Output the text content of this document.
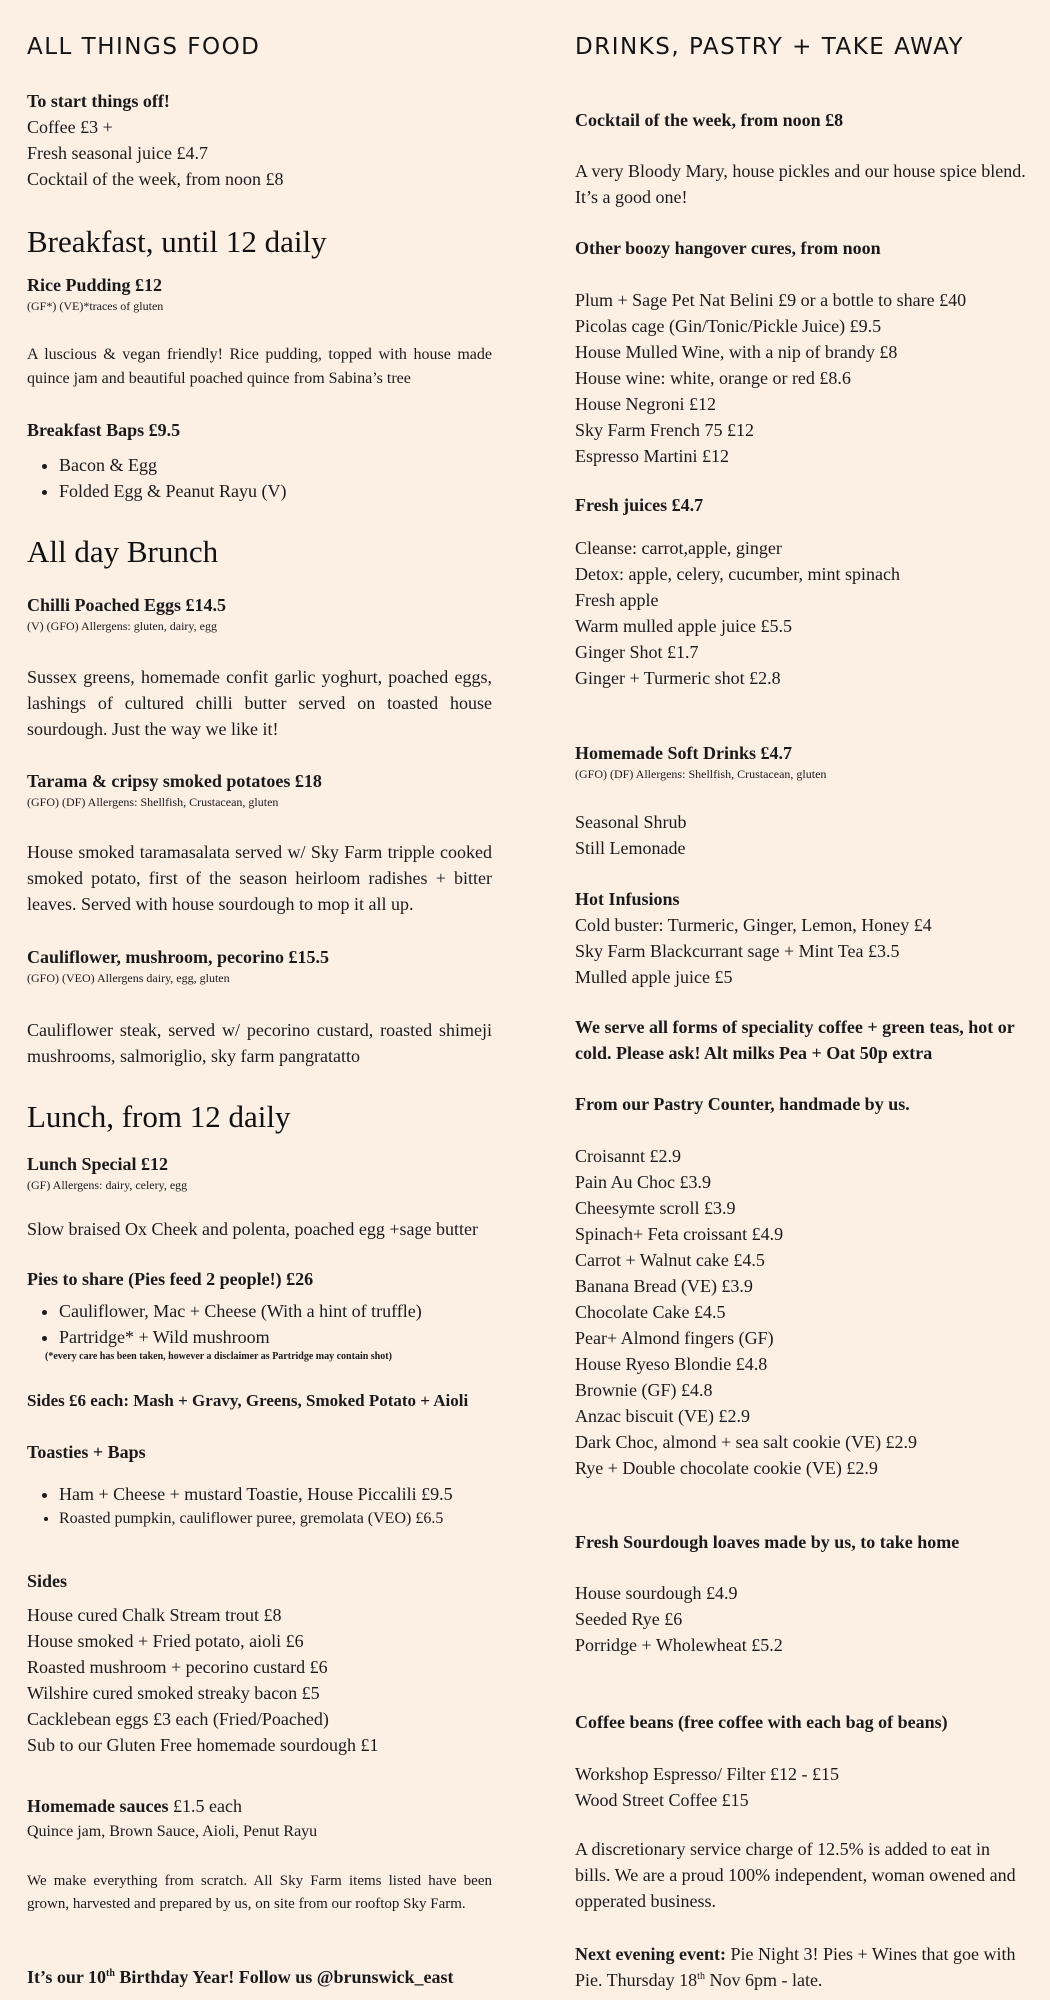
ALL THINGS FOOD
To start things off!
Coffee £3 +
Fresh seasonal juice £4.7
Cocktail of the week, from noon £8
Breakfast, until 12 daily
Rice Pudding £12
(GF*) (VE)*traces of gluten
A luscious & vegan friendly! Rice pudding, topped with house made quince jam and beautiful poached quince from Sabina’s tree
Breakfast Baps £9.5
• Bacon & Egg
• Folded Egg & Peanut Rayu (V)
All day Brunch
Chilli Poached Eggs £14.5
(V) (GFO) Allergens: gluten, dairy, egg
Sussex greens, homemade confit garlic yoghurt, poached eggs, lashings of cultured chilli butter served on toasted house sourdough. Just the way we like it!
Tarama & cripsy smoked potatoes £18
(GFO) (DF) Allergens: Shellfish, Crustacean, gluten
House smoked taramasalata served w/ Sky Farm tripple cooked smoked potato, first of the season heirloom radishes + bitter leaves. Served with house sourdough to mop it all up.
Cauliflower, mushroom, pecorino £15.5
(GFO) (VEO) Allergens dairy, egg, gluten
Cauliflower steak, served w/ pecorino custard, roasted shimeji mushrooms, salmoriglio, sky farm pangratatto
Lunch, from 12 daily
Lunch Special £12
(GF) Allergens: dairy, celery, egg
Slow braised Ox Cheek and polenta, poached egg +sage butter
Pies to share (Pies feed 2 people!) £26
• Cauliflower, Mac + Cheese (With a hint of truffle)
• Partridge* + Wild mushroom
(*every care has been taken, however a disclaimer as Partridge may contain shot)
Sides £6 each: Mash + Gravy, Greens, Smoked Potato + Aioli
Toasties + Baps
• Ham + Cheese + mustard Toastie, House Piccalili £9.5
• Roasted pumpkin, cauliflower puree, gremolata (VEO) £6.5
Sides
House cured Chalk Stream trout £8
House smoked + Fried potato, aioli £6
Roasted mushroom + pecorino custard £6
Wilshire cured smoked streaky bacon £5
Cacklebean eggs £3 each (Fried/Poached)
Sub to our Gluten Free homemade sourdough £1
Homemade sauces £1.5 each
Quince jam, Brown Sauce, Aioli, Penut Rayu
We make everything from scratch. All Sky Farm items listed have been grown, harvested and prepared by us, on site from our rooftop Sky Farm.
It’s our 10th Birthday Year! Follow us @brunswick_east
DRINKS, PASTRY + TAKE AWAY
Cocktail of the week, from noon £8
A very Bloody Mary, house pickles and our house spice blend. It’s a good one!
Other boozy hangover cures, from noon
Plum + Sage Pet Nat Belini £9 or a bottle to share £40
Picolas cage (Gin/Tonic/Pickle Juice) £9.5
House Mulled Wine, with a nip of brandy £8
House wine: white, orange or red £8.6
House Negroni £12
Sky Farm French 75 £12
Espresso Martini £12
Fresh juices £4.7
Cleanse: carrot,apple, ginger
Detox: apple, celery, cucumber, mint spinach
Fresh apple
Warm mulled apple juice £5.5
Ginger Shot £1.7
Ginger + Turmeric shot £2.8
Homemade Soft Drinks £4.7
(GFO) (DF) Allergens: Shellfish, Crustacean, gluten
Seasonal Shrub
Still Lemonade
Hot Infusions
Cold buster: Turmeric, Ginger, Lemon, Honey £4
Sky Farm Blackcurrant sage + Mint Tea £3.5
Mulled apple juice £5
We serve all forms of speciality coffee + green teas, hot or cold. Please ask! Alt milks Pea + Oat 50p extra
From our Pastry Counter, handmade by us.
Croisannt £2.9
Pain Au Choc £3.9
Cheesymte scroll £3.9
Spinach+ Feta croissant £4.9
Carrot + Walnut cake £4.5
Banana Bread (VE) £3.9
Chocolate Cake £4.5
Pear+ Almond fingers (GF)
House Ryeso Blondie £4.8
Brownie (GF) £4.8
Anzac biscuit (VE) £2.9
Dark Choc, almond + sea salt cookie (VE) £2.9
Rye + Double chocolate cookie (VE) £2.9
Fresh Sourdough loaves made by us, to take home
House sourdough £4.9
Seeded Rye £6
Porridge + Wholewheat £5.2
Coffee beans (free coffee with each bag of beans)
Workshop Espresso/ Filter £12 - £15
Wood Street Coffee £15
A discretionary service charge of 12.5% is added to eat in bills. We are a proud 100% independent, woman owened and opperated business.
Next evening event: Pie Night 3! Pies + Wines that goe with Pie. Thursday 18th Nov 6pm - late.
